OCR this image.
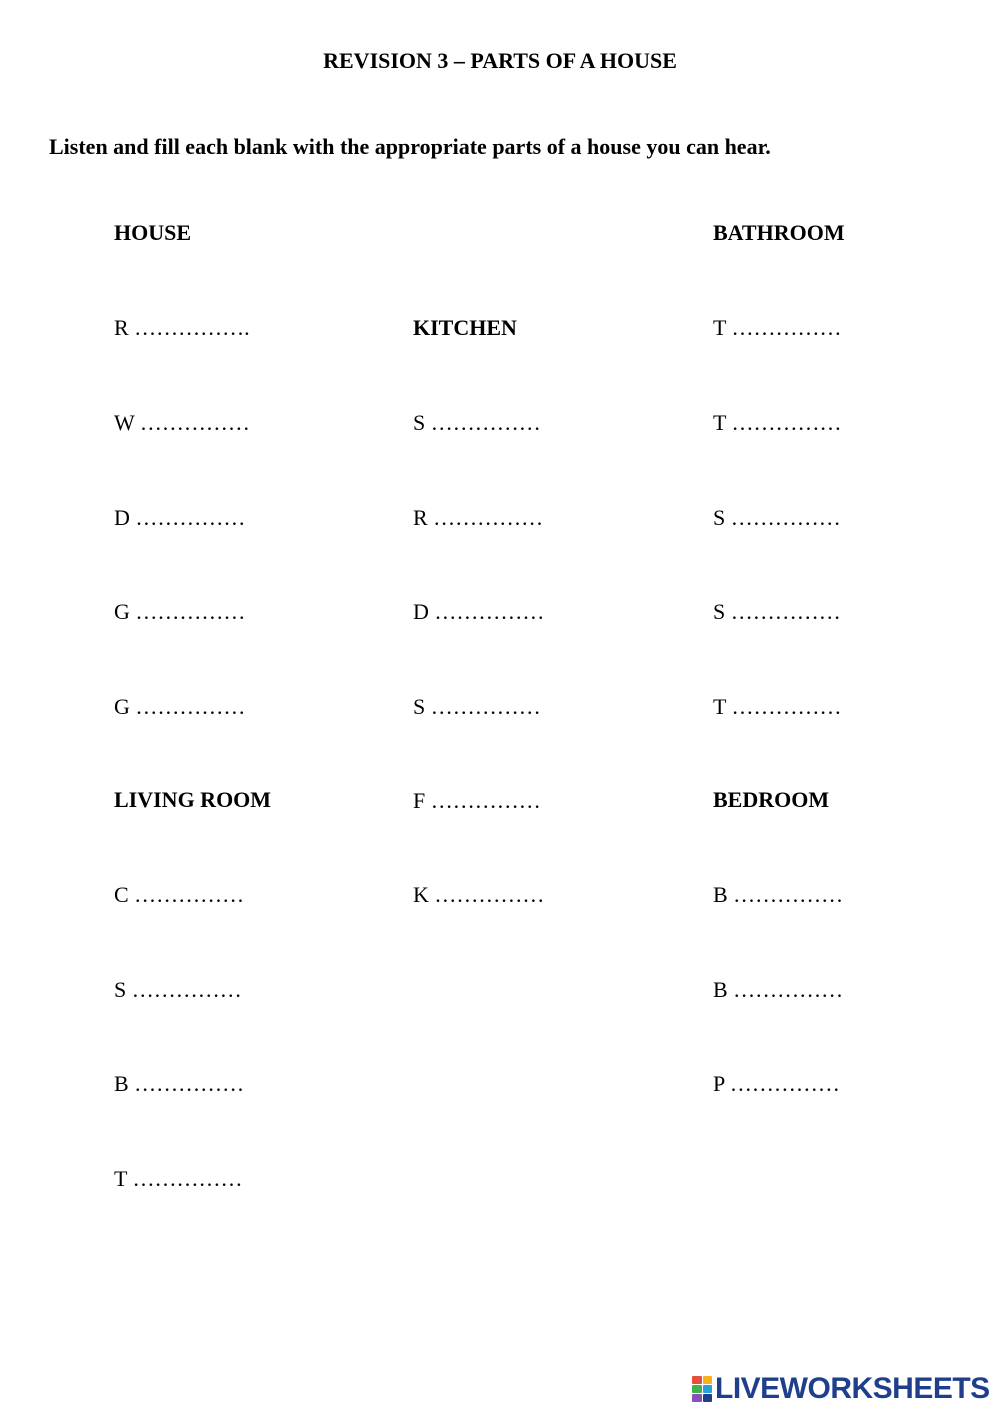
REVISION 3 – PARTS OF A HOUSE
Listen and fill each blank with the appropriate parts of a house you can hear.
HOUSE
R …………….
W ……………
D ……………
G ……………
G ……………
LIVING ROOM
C ……………
S ……………
B ……………
T ……………
KITCHEN
S ……………
R ……………
D ……………
S ……………
F ……………
K ……………
BATHROOM
T ……………
T ……………
S ……………
S ……………
T ……………
BEDROOM
B ……………
B ……………
P ……………
LIVEWORKSHEETS
